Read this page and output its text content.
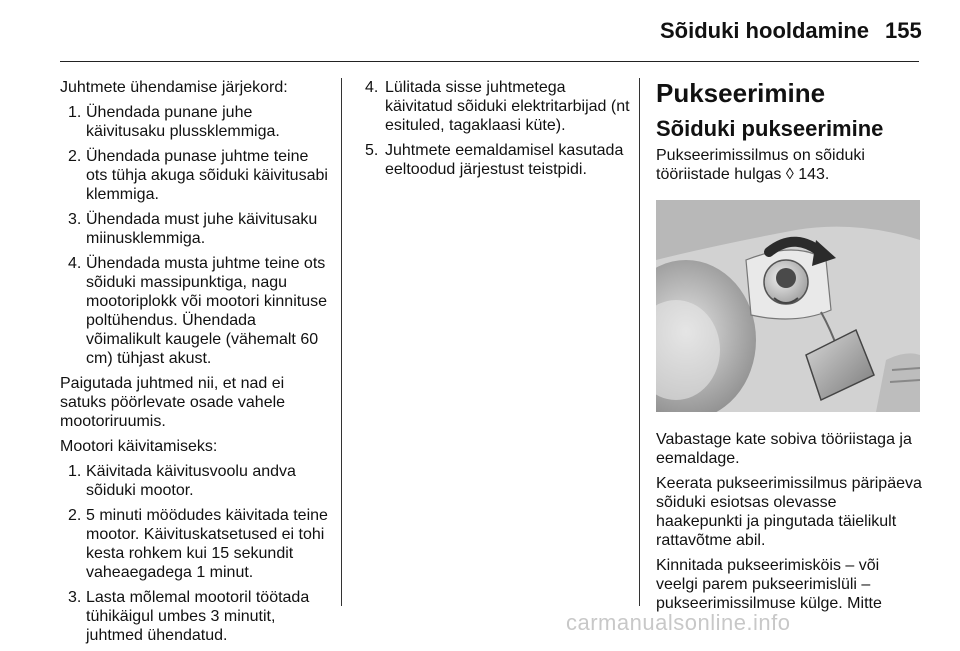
Sõiduki hooldamine 155

Juhtmete ühendamise järjekord:

1. Ühendada punane juhe käivitusaku plussklemmiga.
2. Ühendada punase juhtme teine ots tühja akuga sõiduki käivitusabi klemmiga.
3. Ühendada must juhe käivitusaku miinusklemmiga.
4. Ühendada musta juhtme teine ots sõiduki massipunktiga, nagu mootoriplokk või mootori kinnituse poltühendus. Ühendada võimalikult kaugele (vähemalt 60 cm) tühjast akust.

Paigutada juhtmed nii, et nad ei satuks pöörlevate osade vahele mootoriruumis.

Mootori käivitamiseks:

1. Käivitada käivitusvoolu andva sõiduki mootor.
2. 5 minuti möödudes käivitada teine mootor. Käivituskatsetused ei tohi kesta rohkem kui 15 sekundit vaheaegadega 1 minut.
3. Lasta mõlemal mootoril töötada tühikäigul umbes 3 minutit, juhtmed ühendatud.
4. Lülitada sisse juhtmetega käivitatud sõiduki elektritarbijad (nt esituled, tagaklaasi küte).
5. Juhtmete eemaldamisel kasutada eeltoodud järjestust teistpidi.
Pukseerimine
Sõiduki pukseerimine

Pukseerimissilmus on sõiduki tööriistade hulgas ◊ 143.

Vabastage kate sobiva tööriistaga ja eemaldage.

Keerata pukseerimissilmus päripäeva sõiduki esiotsas olevasse haakepunkti ja pingutada täielikult rattavõtme abil.

Kinnitada pukseerimisköis – või veelgi parem pukseerimislüli – pukseerimissilmuse külge. Mitte

carmanualsonline.info
